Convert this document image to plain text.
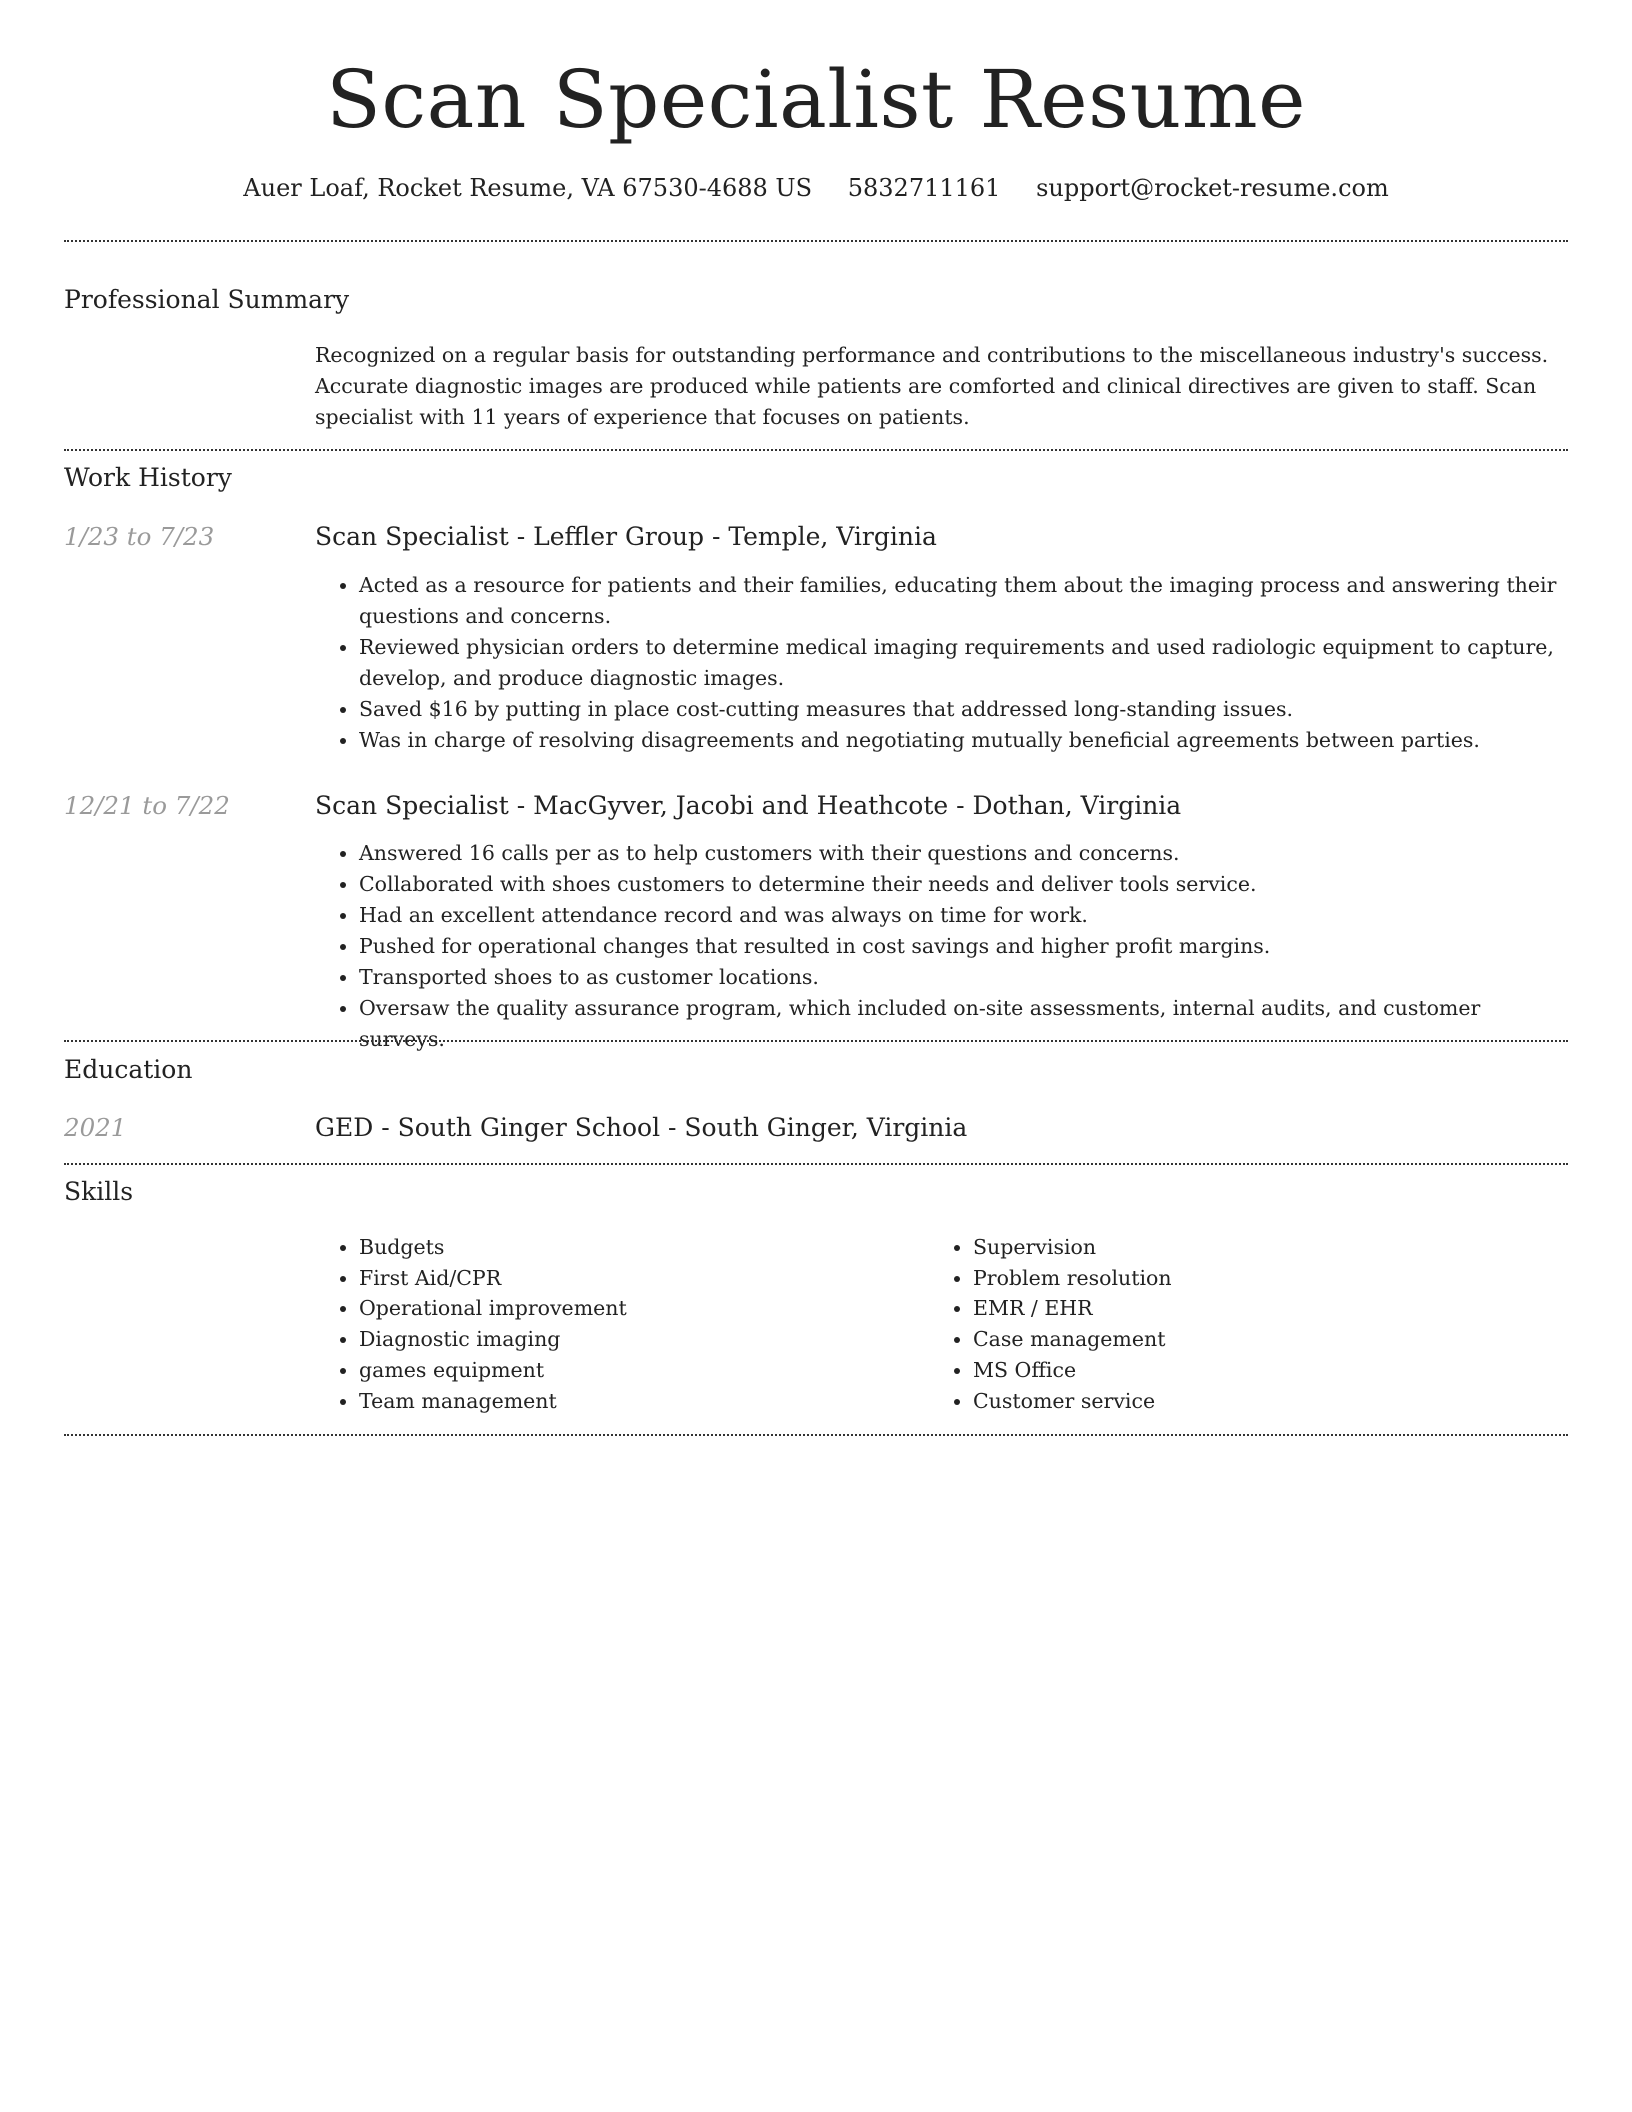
Scan Specialist Resume
Auer Loaf, Rocket Resume, VA 67530-4688 US 5832711161 support@rocket-resume.com
Professional Summary
Recognized on a regular basis for outstanding performance and contributions to the miscellaneous industry's success. Accurate diagnostic images are produced while patients are comforted and clinical directives are given to staff. Scan specialist with 11 years of experience that focuses on patients.
Work History
1/23 to 7/23	Scan Specialist - Leffler Group - Temple, Virginia
• Acted as a resource for patients and their families, educating them about the imaging process and answering their questions and concerns.
• Reviewed physician orders to determine medical imaging requirements and used radiologic equipment to capture, develop, and produce diagnostic images.
• Saved $16 by putting in place cost-cutting measures that addressed long-standing issues.
• Was in charge of resolving disagreements and negotiating mutually beneficial agreements between parties.
12/21 to 7/22	Scan Specialist - MacGyver, Jacobi and Heathcote - Dothan, Virginia
• Answered 16 calls per as to help customers with their questions and concerns.
• Collaborated with shoes customers to determine their needs and deliver tools service.
• Had an excellent attendance record and was always on time for work.
• Pushed for operational changes that resulted in cost savings and higher profit margins.
• Transported shoes to as customer locations.
• Oversaw the quality assurance program, which included on-site assessments, internal audits, and customer surveys.
Education
2021	GED - South Ginger School - South Ginger, Virginia
Skills
• Budgets
• First Aid/CPR
• Operational improvement
• Diagnostic imaging
• games equipment
• Team management
• Supervision
• Problem resolution
• EMR / EHR
• Case management
• MS Office
• Customer service
